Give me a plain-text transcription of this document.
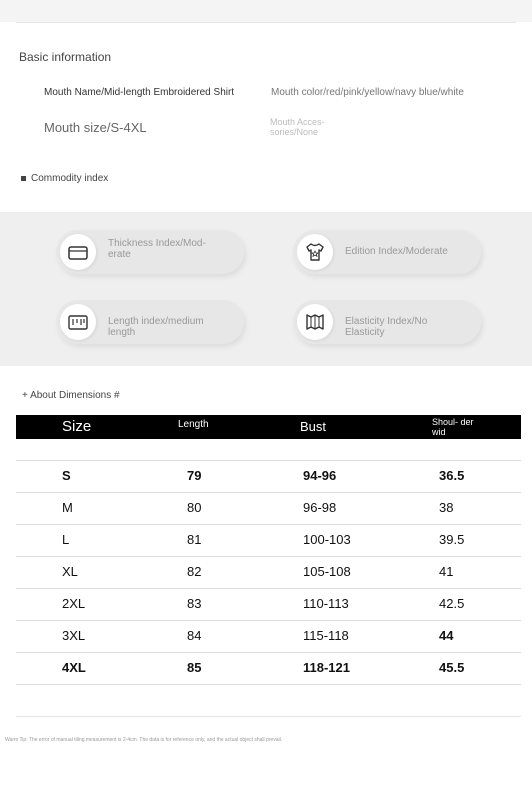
Basic information
Mouth Name/Mid-length Embroidered Shirt	Mouth color/red/pink/yellow/navy blue/white
Mouth size/S-4XL	Mouth Acces- sories/None
Commodity index
Thickness Index/Mod- erate	Edition Index/Moderate
Length index/medium length
Elasticity Index/No Elasticity
+ About Dimensions #
Size	Length	Bust	Shoul- der wid
S	79	94-96	36.5
M	80	96-98	38
L	81	100-103	39.5
XL	82	105-108	41
2XL	83	110-113	42.5
3XL	84	115-118	44
4XL	85	118-121	45.5
Warm Tip: The error of manual tiling measurement is 2-4cm. The data is for reference only, and the actual object shall prevail.
